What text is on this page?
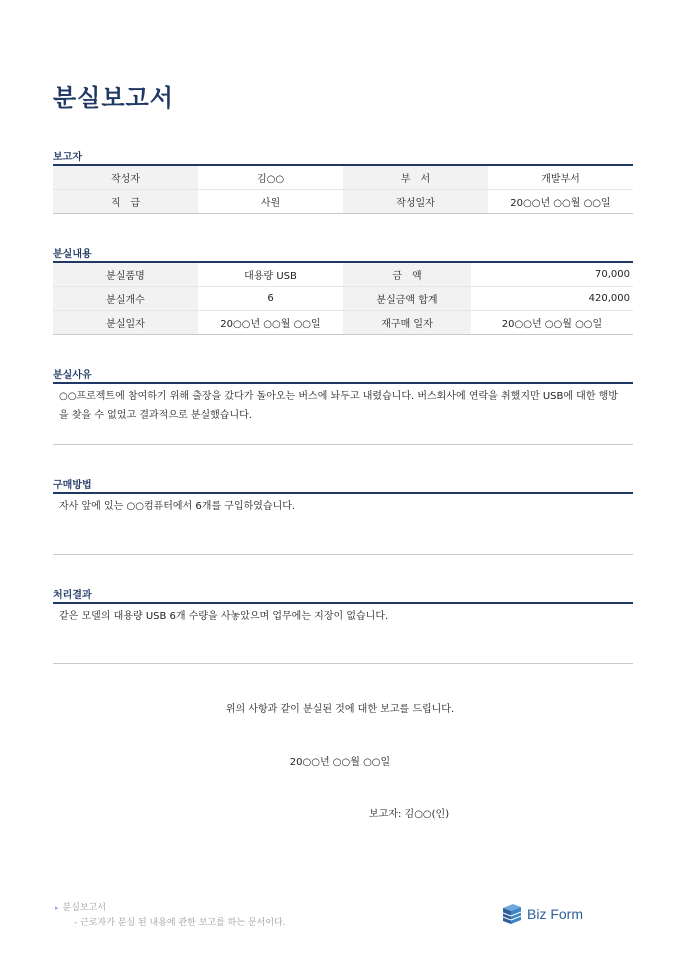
분실보고서
보고자
작성자	김○○	부　서	개발부서
직　급	사원	작성일자	20○○년 ○○월 ○○일
분실내용
분실품명	대용량 USB	금　액	70,000
분실개수	6	분실금액 합계	420,000
분실일자	20○○년 ○○월 ○○일	재구매 일자	20○○년 ○○월 ○○일
분실사유
○○프로젝트에 참여하기 위해 출장을 갔다가 돌아오는 버스에 놔두고 내렸습니다. 버스회사에 연락을 취했지만 USB에 대한 행방을 찾을 수 없었고 결과적으로 분실했습니다.
구매방법
자사 앞에 있는 ○○컴퓨터에서 6개를 구입하였습니다.
처리결과
같은 모델의 대용량 USB 6개 수량을 사놓았으며 업무에는 지장이 없습니다.
위의 사항과 같이 분실된 것에 대한 보고를 드립니다.
20○○년 ○○월 ○○일
보고자: 김○○(인)
▸ 분실보고서
- 근로자가 분실 된 내용에 관한 보고를 하는 문서이다.
Biz Form
